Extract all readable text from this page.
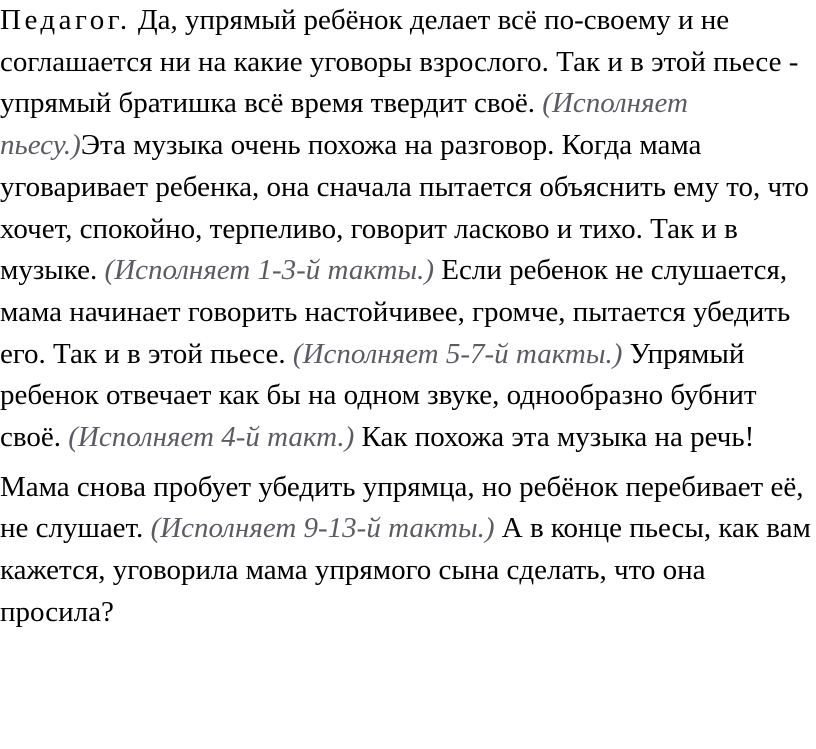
Педагог. Да, упрямый ребёнок делает всё по-своему и не соглашается ни на какие уговоры взрослого. Так и в этой пьесе - упрямый братишка всё время твердит своё. (Исполняет пьесу.)Эта музыка очень похожа на разговор. Когда мама уговаривает ребенка, она сначала пытается объяснить ему то, что хочет, спокойно, терпеливо, говорит ласково и тихо. Так и в музыке. (Исполняет 1-3-й такты.) Если ребенок не слушается, мама начинает говорить настойчивее, громче, пытается убедить его. Так и в этой пьесе. (Исполняет 5-7-й такты.) Упрямый ребенок отвечает как бы на одном звуке, однообразно бубнит своё. (Исполняет 4-й такт.) Как похожа эта музыка на речь!

Мама снова пробует убедить упрямца, но ребёнок перебивает её, не слушает. (Исполняет 9-13-й такты.) А в конце пьесы, как вам кажется, уговорила мама упрямого сына сделать, что она просила?
